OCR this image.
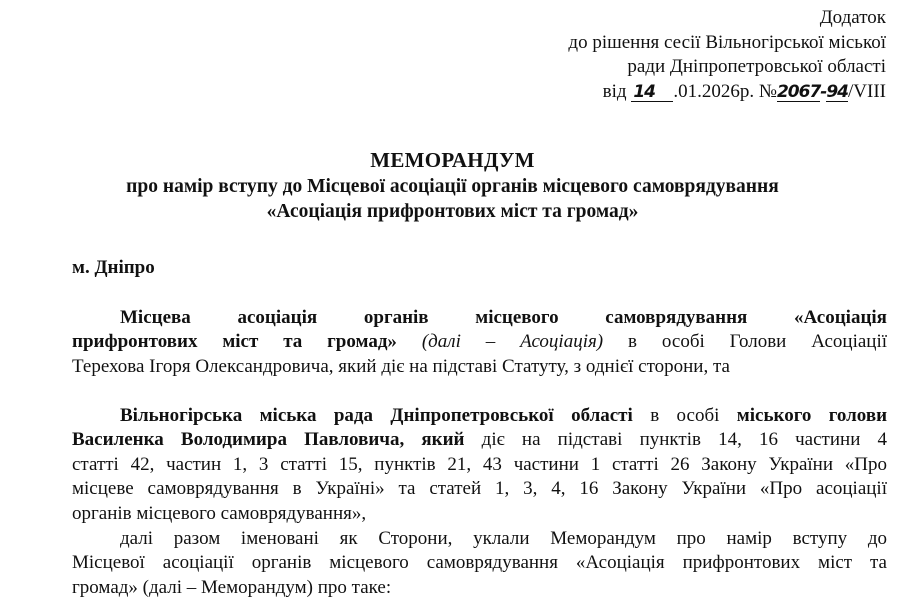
Додаток
до рішення сесії Вільногірської міської
ради Дніпропетровської області
від 14 .01.2026р. №2067-94/VIII
МЕМОРАНДУМ
про намір вступу до Місцевої асоціації органів місцевого самоврядування
«Асоціація прифронтових міст та громад»
м. Дніпро
Місцева асоціація органів місцевого самоврядування «Асоціація
прифронтових міст та громад» (далі – Асоціація) в особі Голови Асоціації
Терехова Ігоря Олександровича, який діє на підставі Статуту, з однієї сторони, та
Вільногірська міська рада Дніпропетровської області в особі міського голови
Василенка Володимира Павловича, який діє на підставі пунктів 14, 16 частини 4
статті 42, частин 1, 3 статті 15, пунктів 21, 43 частини 1 статті 26 Закону України «Про
місцеве самоврядування в Україні» та статей 1, 3, 4, 16 Закону України «Про асоціації
органів місцевого самоврядування»,
далі разом іменовані як Сторони, уклали Меморандум про намір вступу до
Місцевої асоціації органів місцевого самоврядування «Асоціація прифронтових міст та
громад» (далі – Меморандум) про таке:
